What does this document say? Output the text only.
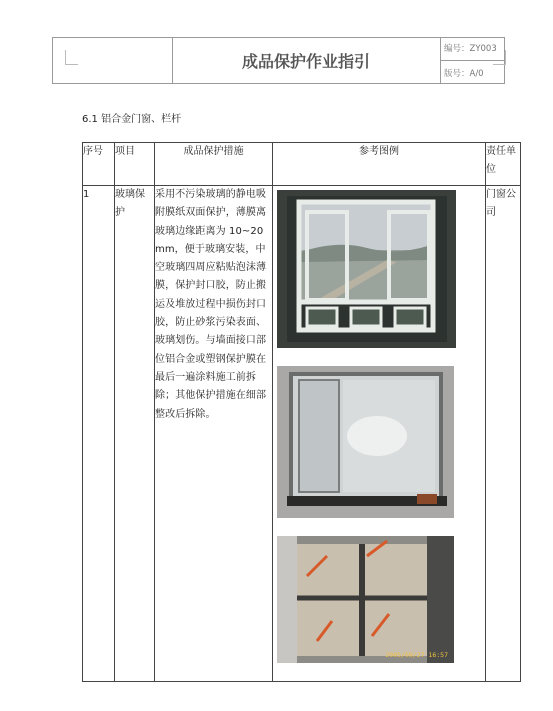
成品保护作业指引
编号：ZY003
版号：A/0
6.1 铝合金门窗、栏杆
序号	项目	成品保护措施	参考图例	责任单位
1	玻璃保护	采用不污染玻璃的静电吸附膜纸双面保护，薄膜离玻璃边缘距离为 10~20mm，便于玻璃安装，中空玻璃四周应粘贴泡沫薄膜，保护封口胶，防止搬运及堆放过程中损伤封口胶，防止砂浆污染表面、玻璃划伤。与墙面接口部位铝合金或塑钢保护膜在最后一遍涂料施工前拆除；其他保护措施在细部整改后拆除。	2005/09/27 16:57	门窗公司
